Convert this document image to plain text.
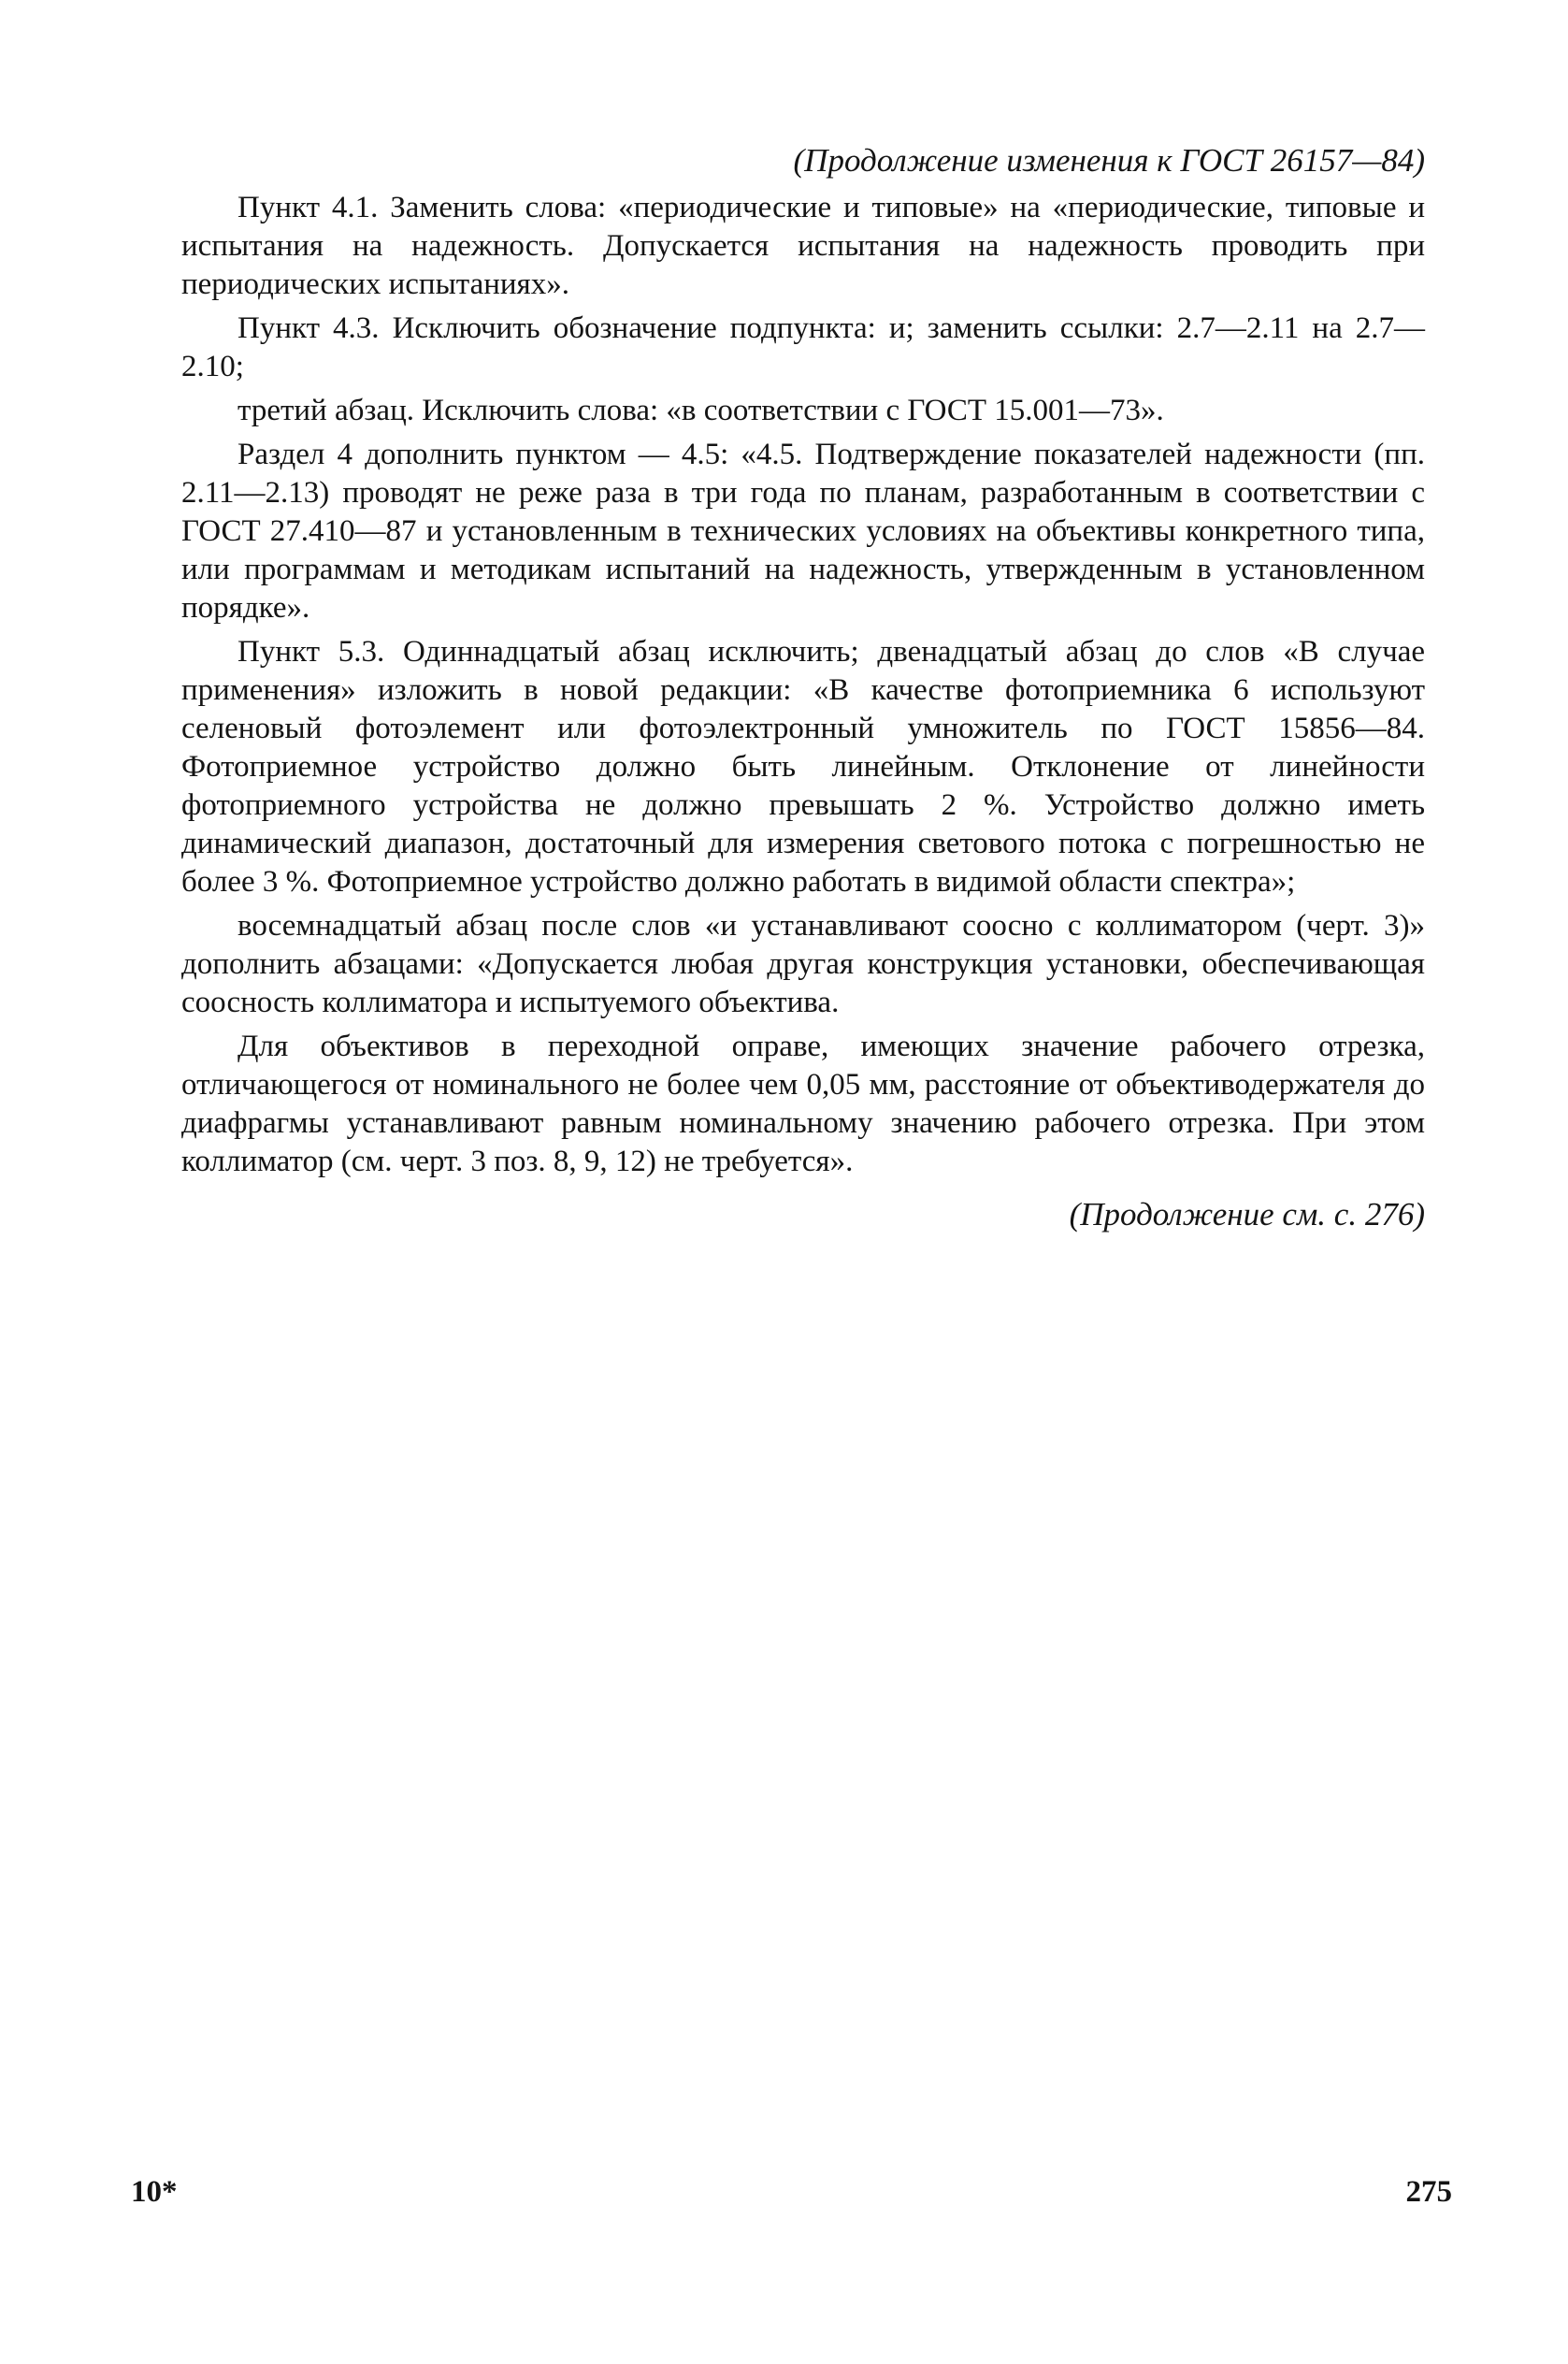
(Продолжение изменения к ГОСТ 26157—84)

Пункт 4.1. Заменить слова: «периодические и типовые» на «периодические, типовые и испытания на надежность. Допускается испытания на надежность проводить при периодических испытаниях».

Пункт 4.3. Исключить обозначение подпункта: и; заменить ссылки: 2.7—2.11 на 2.7—2.10;

третий абзац. Исключить слова: «в соответствии с ГОСТ 15.001—73».

Раздел 4 дополнить пунктом — 4.5: «4.5. Подтверждение показателей надежности (пп. 2.11—2.13) проводят не реже раза в три года по планам, разработанным в соответствии с ГОСТ 27.410—87 и установленным в технических условиях на объективы конкретного типа, или программам и методикам испытаний на надежность, утвержденным в установленном порядке».

Пункт 5.3. Одиннадцатый абзац исключить; двенадцатый абзац до слов «В случае применения» изложить в новой редакции: «В качестве фотоприемника 6 используют селеновый фотоэлемент или фотоэлектронный умножитель по ГОСТ 15856—84. Фотоприемное устройство должно быть линейным. Отклонение от линейности фотоприемного устройства не должно превышать 2 %. Устройство должно иметь динамический диапазон, достаточный для измерения светового потока с погрешностью не более 3 %. Фотоприемное устройство должно работать в видимой области спектра»;

восемнадцатый абзац после слов «и устанавливают соосно с коллиматором (черт. 3)» дополнить абзацами: «Допускается любая другая конструкция установки, обеспечивающая соосность коллиматора и испытуемого объектива.

Для объективов в переходной оправе, имеющих значение рабочего отрезка, отличающегося от номинального не более чем 0,05 мм, расстояние от объективодержателя до диафрагмы устанавливают равным номинальному значению рабочего отрезка. При этом коллиматор (см. черт. 3 поз. 8, 9, 12) не требуется».

(Продолжение см. с. 276)
10*	275
